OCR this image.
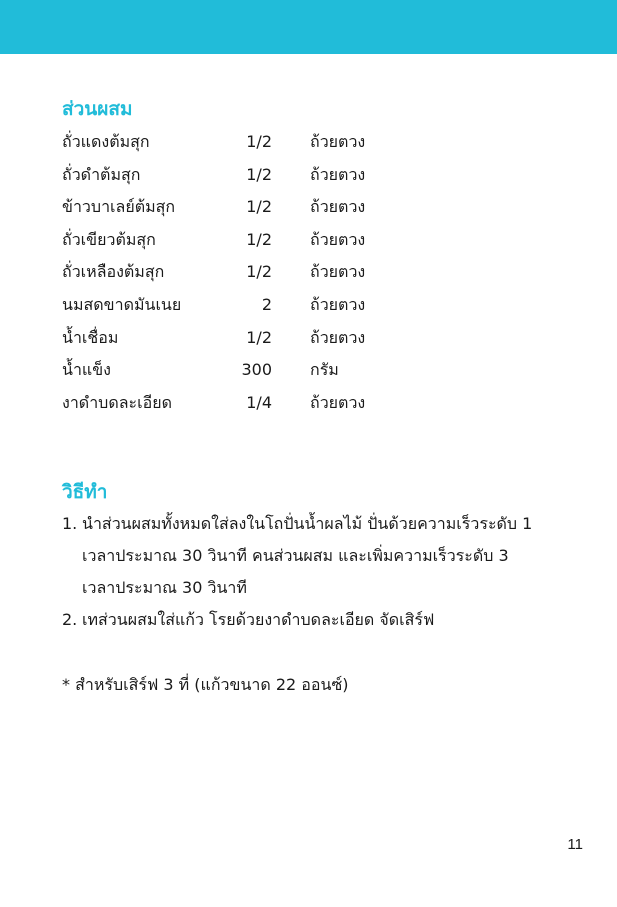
ส่วนผสม
ถั่วแดงต้มสุก	1/2 ถ้วยตวง
ถั่วดำต้มสุก	1/2 ถ้วยตวง
ข้าวบาเลย์ต้มสุก	1/2 ถ้วยตวง
ถั่วเขียวต้มสุก	1/2 ถ้วยตวง
ถั่วเหลืองต้มสุก	1/2 ถ้วยตวง
นมสดขาดมันเนย	2 ถ้วยตวง
น้ำเชื่อม	1/2 ถ้วยตวง
น้ำแข็ง	300 กรัม
งาดำบดละเอียด	1/4 ถ้วยตวง
วิธีทำ
1. นำส่วนผสมทั้งหมดใส่ลงในโถปั่นน้ำผลไม้ ปั่นด้วยความเร็วระดับ 1
เวลาประมาณ 30 วินาที คนส่วนผสม และเพิ่มความเร็วระดับ 3
เวลาประมาณ 30 วินาที
2. เทส่วนผสมใส่แก้ว โรยด้วยงาดำบดละเอียด จัดเสิร์ฟ
* สำหรับเสิร์ฟ 3 ที่ (แก้วขนาด 22 ออนซ์)
11
